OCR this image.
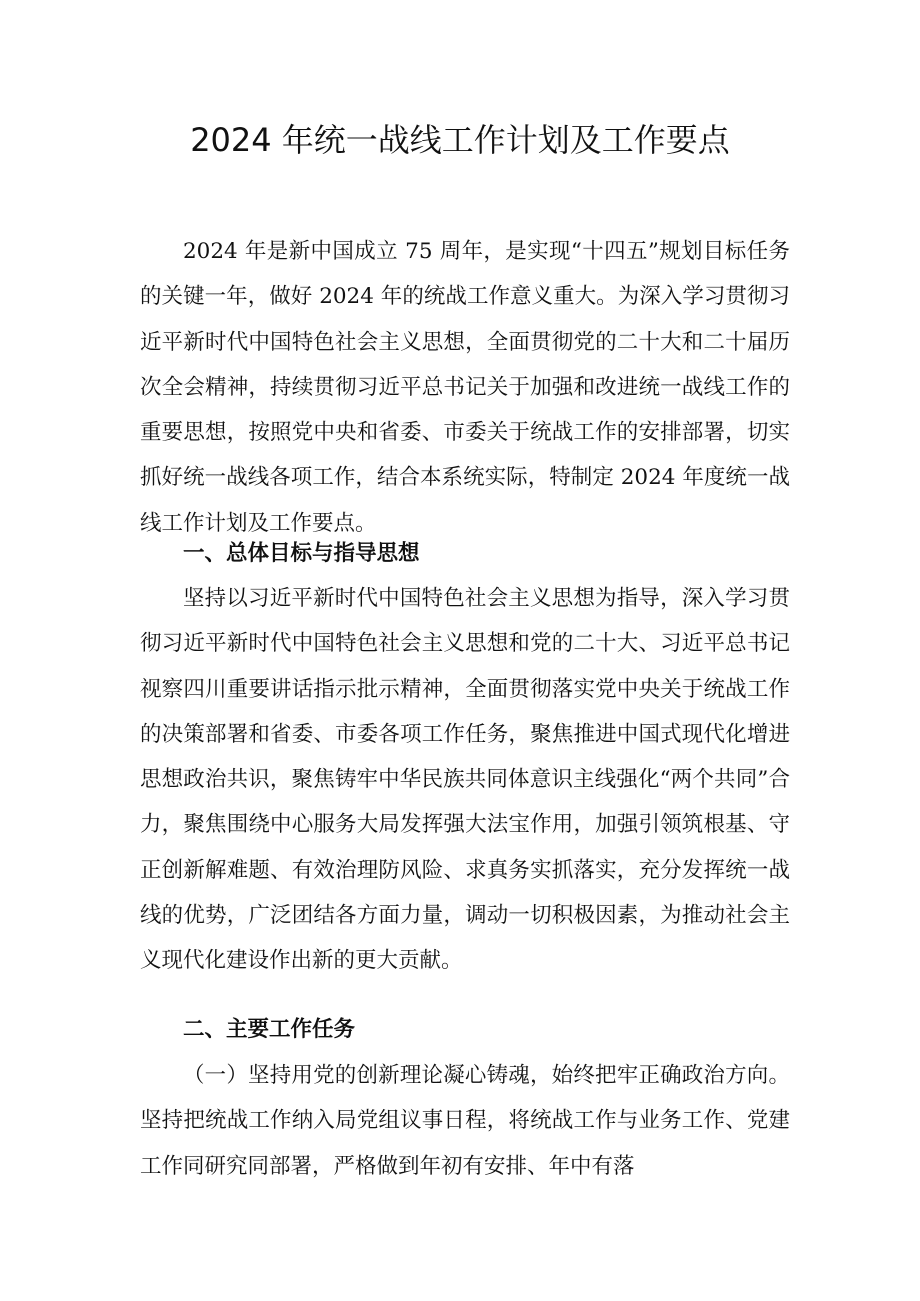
2024 年统一战线工作计划及工作要点

2024 年是新中国成立 75 周年，是实现“十四五”规划目标任务的关键一年，做好 2024 年的统战工作意义重大。为深入学习贯彻习近平新时代中国特色社会主义思想，全面贯彻党的二十大和二十届历次全会精神，持续贯彻习近平总书记关于加强和改进统一战线工作的重要思想，按照党中央和省委、市委关于统战工作的安排部署，切实抓好统一战线各项工作，结合本系统实际，特制定 2024 年度统一战线工作计划及工作要点。

一、总体目标与指导思想

坚持以习近平新时代中国特色社会主义思想为指导，深入学习贯彻习近平新时代中国特色社会主义思想和党的二十大、习近平总书记视察四川重要讲话指示批示精神，全面贯彻落实党中央关于统战工作的决策部署和省委、市委各项工作任务，聚焦推进中国式现代化增进思想政治共识，聚焦铸牢中华民族共同体意识主线强化“两个共同”合力，聚焦围绕中心服务大局发挥强大法宝作用，加强引领筑根基、守正创新解难题、有效治理防风险、求真务实抓落实，充分发挥统一战线的优势，广泛团结各方面力量，调动一切积极因素，为推动社会主义现代化建设作出新的更大贡献。

二、主要工作任务

（一）坚持用党的创新理论凝心铸魂，始终把牢正确政治方向。坚持把统战工作纳入局党组议事日程，将统战工作与业务工作、党建工作同研究同部署，严格做到年初有安排、年中有落
